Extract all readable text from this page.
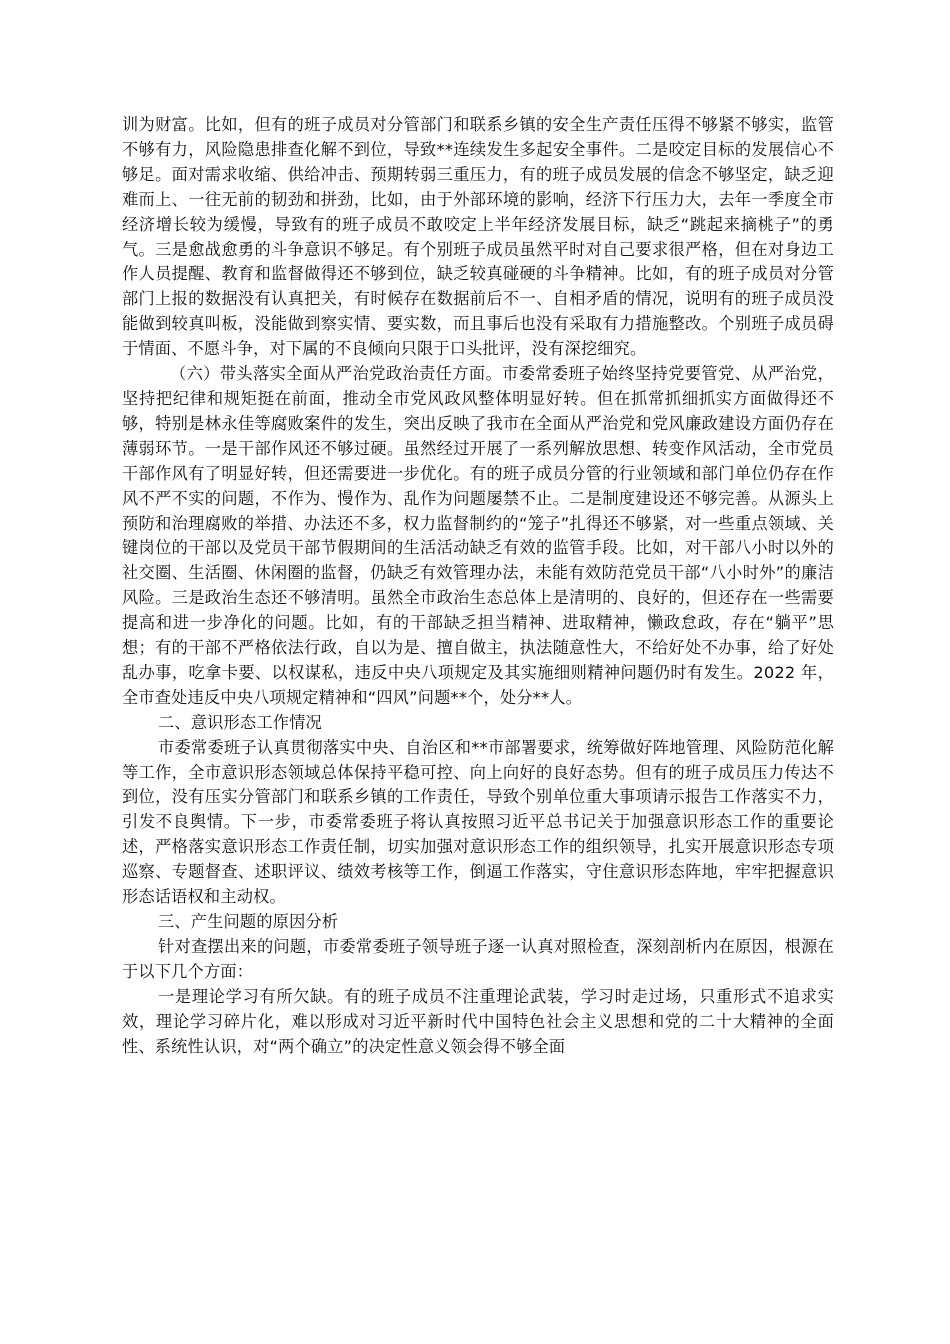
训为财富。比如，但有的班子成员对分管部门和联系乡镇的安全生产责任压得不够紧不够实，监管不够有力，风险隐患排查化解不到位，导致**连续发生多起安全事件。二是咬定目标的发展信心不够足。面对需求收缩、供给冲击、预期转弱三重压力，有的班子成员发展的信念不够坚定，缺乏迎难而上、一往无前的韧劲和拼劲，比如，由于外部环境的影响，经济下行压力大，去年一季度全市经济增长较为缓慢，导致有的班子成员不敢咬定上半年经济发展目标，缺乏“跳起来摘桃子”的勇气。三是愈战愈勇的斗争意识不够足。有个别班子成员虽然平时对自己要求很严格，但在对身边工作人员提醒、教育和监督做得还不够到位，缺乏较真碰硬的斗争精神。比如，有的班子成员对分管部门上报的数据没有认真把关，有时候存在数据前后不一、自相矛盾的情况，说明有的班子成员没能做到较真叫板，没能做到察实情、要实数，而且事后也没有采取有力措施整改。个别班子成员碍于情面、不愿斗争，对下属的不良倾向只限于口头批评，没有深挖细究。

（六）带头落实全面从严治党政治责任方面。市委常委班子始终坚持党要管党、从严治党，坚持把纪律和规矩挺在前面，推动全市党风政风整体明显好转。但在抓常抓细抓实方面做得还不够，特别是林永佳等腐败案件的发生，突出反映了我市在全面从严治党和党风廉政建设方面仍存在薄弱环节。一是干部作风还不够过硬。虽然经过开展了一系列解放思想、转变作风活动，全市党员干部作风有了明显好转，但还需要进一步优化。有的班子成员分管的行业领域和部门单位仍存在作风不严不实的问题，不作为、慢作为、乱作为问题屡禁不止。二是制度建设还不够完善。从源头上预防和治理腐败的举措、办法还不多，权力监督制约的“笼子”扎得还不够紧，对一些重点领域、关键岗位的干部以及党员干部节假期间的生活活动缺乏有效的监管手段。比如，对干部八小时以外的社交圈、生活圈、休闲圈的监督，仍缺乏有效管理办法，未能有效防范党员干部“八小时外”的廉洁风险。三是政治生态还不够清明。虽然全市政治生态总体上是清明的、良好的，但还存在一些需要提高和进一步净化的问题。比如，有的干部缺乏担当精神、进取精神，懒政怠政，存在“躺平”思想；有的干部不严格依法行政，自以为是、擅自做主，执法随意性大，不给好处不办事，给了好处乱办事，吃拿卡要、以权谋私，违反中央八项规定及其实施细则精神问题仍时有发生。2022 年，全市查处违反中央八项规定精神和“四风”问题**个，处分**人。

二、意识形态工作情况

市委常委班子认真贯彻落实中央、自治区和**市部署要求，统筹做好阵地管理、风险防范化解等工作，全市意识形态领域总体保持平稳可控、向上向好的良好态势。但有的班子成员压力传达不到位，没有压实分管部门和联系乡镇的工作责任，导致个别单位重大事项请示报告工作落实不力，引发不良舆情。下一步，市委常委班子将认真按照习近平总书记关于加强意识形态工作的重要论述，严格落实意识形态工作责任制，切实加强对意识形态工作的组织领导，扎实开展意识形态专项巡察、专题督查、述职评议、绩效考核等工作，倒逼工作落实，守住意识形态阵地，牢牢把握意识形态话语权和主动权。

三、产生问题的原因分析

针对查摆出来的问题，市委常委班子领导班子逐一认真对照检查，深刻剖析内在原因，根源在于以下几个方面：

一是理论学习有所欠缺。有的班子成员不注重理论武装，学习时走过场，只重形式不追求实效，理论学习碎片化，难以形成对习近平新时代中国特色社会主义思想和党的二十大精神的全面性、系统性认识，对“两个确立”的决定性意义领会得不够全面
